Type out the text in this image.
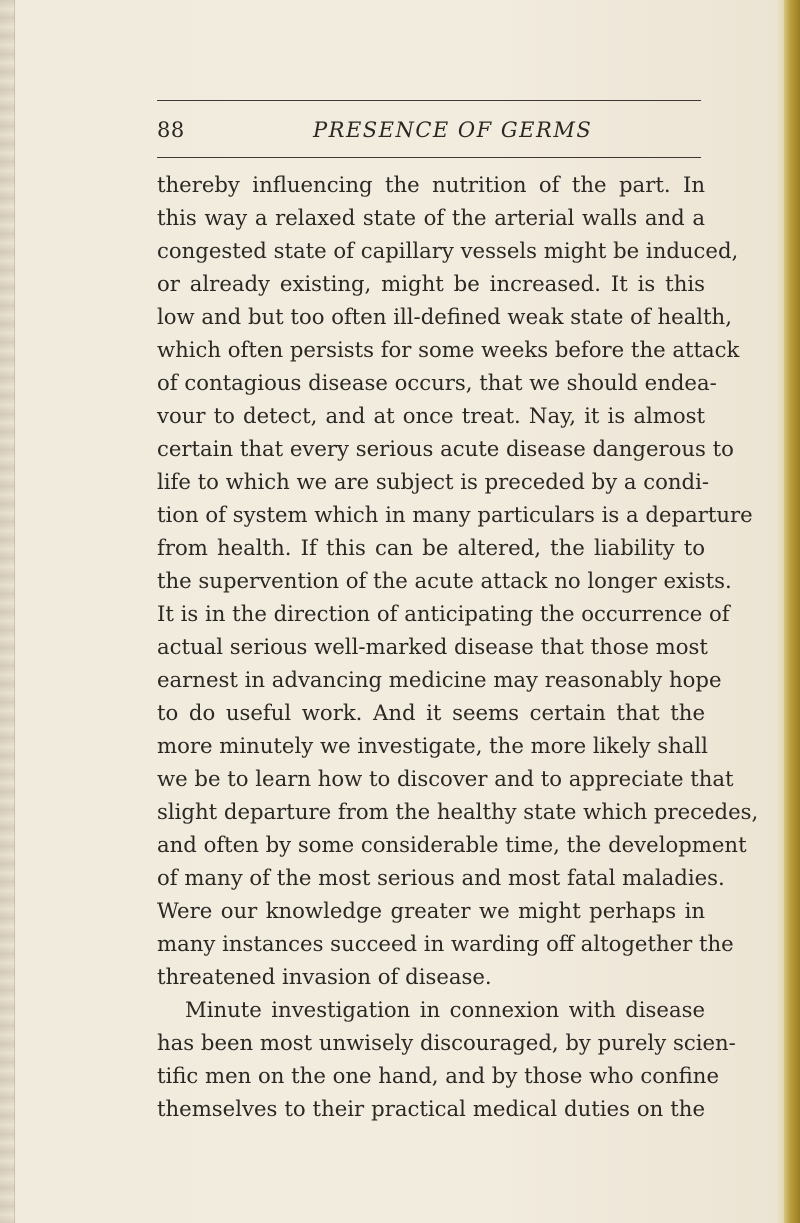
88	PRESENCE OF GERMS
thereby influencing the nutrition of the part. In
this way a relaxed state of the arterial walls and a
congested state of capillary vessels might be induced,
or already existing, might be increased. It is this
low and but too often ill-defined weak state of health,
which often persists for some weeks before the attack
of contagious disease occurs, that we should endea-
vour to detect, and at once treat. Nay, it is almost
certain that every serious acute disease dangerous to
life to which we are subject is preceded by a condi-
tion of system which in many particulars is a departure
from health. If this can be altered, the liability to
the supervention of the acute attack no longer exists.
It is in the direction of anticipating the occurrence of
actual serious well-marked disease that those most
earnest in advancing medicine may reasonably hope
to do useful work. And it seems certain that the
more minutely we investigate, the more likely shall
we be to learn how to discover and to appreciate that
slight departure from the healthy state which precedes,
and often by some considerable time, the development
of many of the most serious and most fatal maladies.
Were our knowledge greater we might perhaps in
many instances succeed in warding off altogether the
threatened invasion of disease.
Minute investigation in connexion with disease
has been most unwisely discouraged, by purely scien-
tific men on the one hand, and by those who confine
themselves to their practical medical duties on the
